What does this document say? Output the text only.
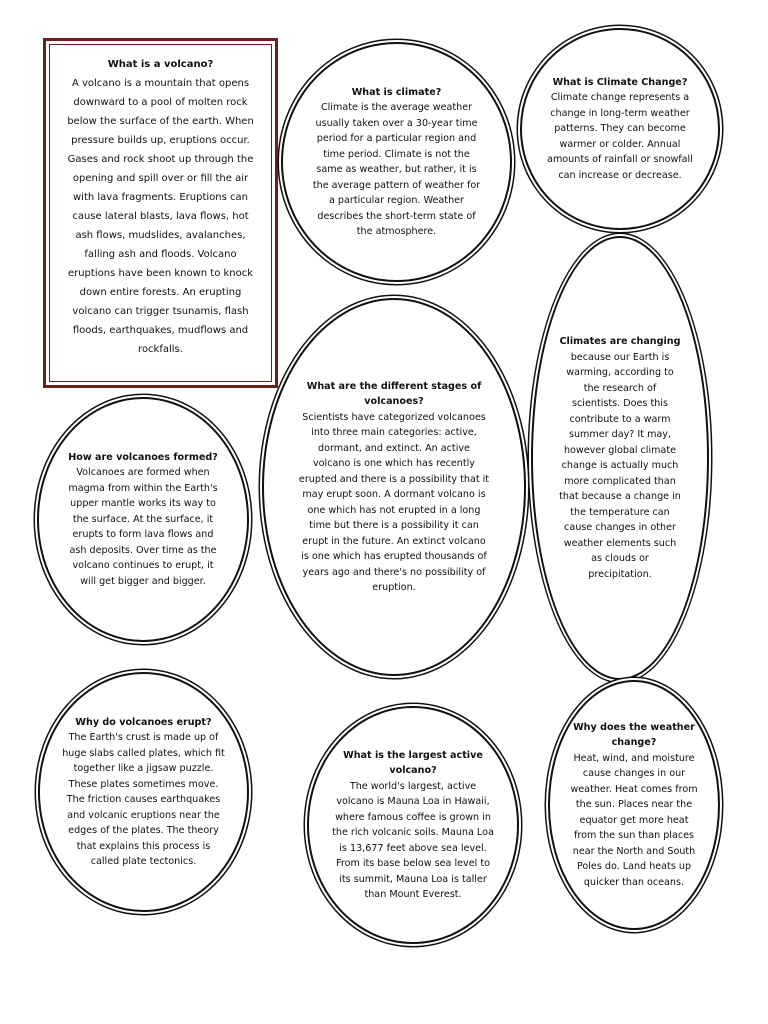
What is a volcano?
A volcano is a mountain that opens downward to a pool of molten rock below the surface of the earth. When pressure builds up, eruptions occur. Gases and rock shoot up through the opening and spill over or fill the air with lava fragments. Eruptions can cause lateral blasts, lava flows, hot ash flows, mudslides, avalanches, falling ash and floods. Volcano eruptions have been known to knock down entire forests. An erupting volcano can trigger tsunamis, flash floods, earthquakes, mudflows and rockfalls.
What is climate?
Climate is the average weather usually taken over a 30-year time period for a particular region and time period. Climate is not the same as weather, but rather, it is the average pattern of weather for a particular region. Weather describes the short-term state of the atmosphere.
What is Climate Change?
Climate change represents a change in long-term weather patterns. They can become warmer or colder. Annual amounts of rainfall or snowfall can increase or decrease.
Climates are changing because our Earth is warming, according to the research of scientists. Does this contribute to a warm summer day? It may, however global climate change is actually much more complicated than that because a change in the temperature can cause changes in other weather elements such as clouds or precipitation.
What are the different stages of volcanoes?
Scientists have categorized volcanoes into three main categories: active, dormant, and extinct. An active volcano is one which has recently erupted and there is a possibility that it may erupt soon. A dormant volcano is one which has not erupted in a long time but there is a possibility it can erupt in the future. An extinct volcano is one which has erupted thousands of years ago and there's no possibility of eruption.
How are volcanoes formed?
Volcanoes are formed when magma from within the Earth's upper mantle works its way to the surface. At the surface, it erupts to form lava flows and ash deposits. Over time as the volcano continues to erupt, it will get bigger and bigger.
Why do volcanoes erupt?
The Earth's crust is made up of huge slabs called plates, which fit together like a jigsaw puzzle. These plates sometimes move. The friction causes earthquakes and volcanic eruptions near the edges of the plates. The theory that explains this process is called plate tectonics.
What is the largest active volcano?
The world's largest, active volcano is Mauna Loa in Hawaii, where famous coffee is grown in the rich volcanic soils. Mauna Loa is 13,677 feet above sea level. From its base below sea level to its summit, Mauna Loa is taller than Mount Everest.
Why does the weather change?
Heat, wind, and moisture cause changes in our weather. Heat comes from the sun. Places near the equator get more heat from the sun than places near the North and South Poles do. Land heats up quicker than oceans.
